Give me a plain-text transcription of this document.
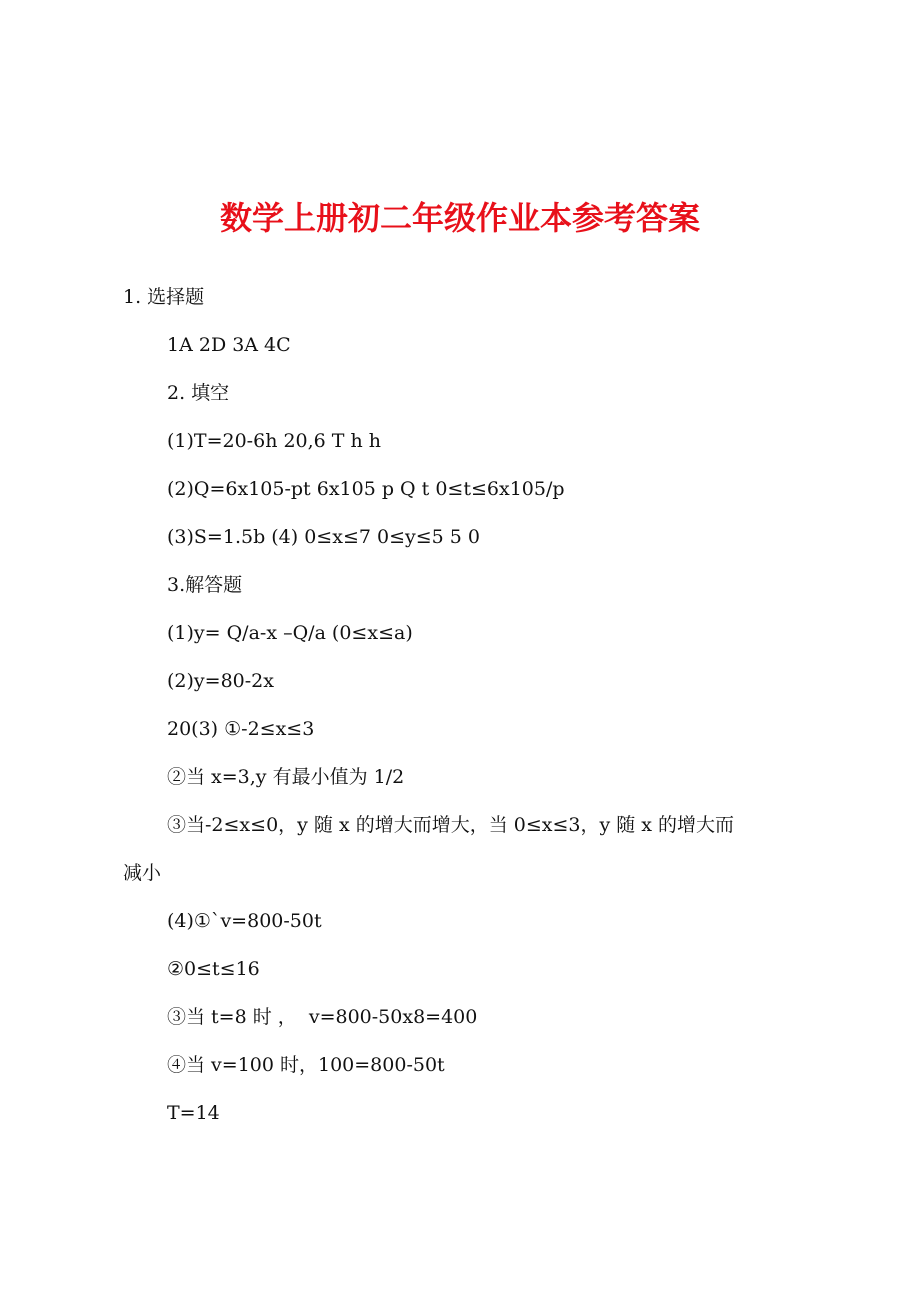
数学上册初二年级作业本参考答案
1. 选择题
1A 2D 3A 4C
2. 填空
(1)T=20-6h 20,6 T h h
(2)Q=6x105-pt 6x105 p Q t 0≤t≤6x105/p
(3)S=1.5b (4) 0≤x≤7 0≤y≤5 5 0
3.解答题
(1)y= Q/a-x –Q/a (0≤x≤a)
(2)y=80-2x
20(3) ①-2≤x≤3
②当 x=3,y 有最小值为 1/2
③当-2≤x≤0，y 随 x 的增大而增大，当 0≤x≤3，y 随 x 的增大而
减小
(4)①`v=800-50t
②0≤t≤16
③当 t=8 时 ，  v=800-50x8=400
④当 v=100 时，100=800-50t
T=14
